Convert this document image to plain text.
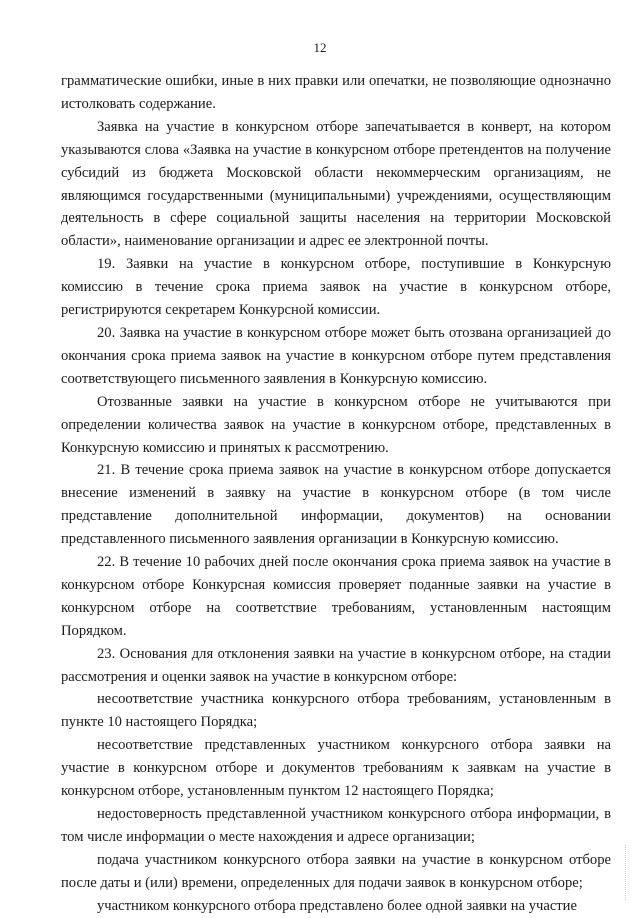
12

грамматические ошибки, иные в них правки или опечатки, не позволяющие однозначно истолковать содержание.

Заявка на участие в конкурсном отборе запечатывается в конверт, на котором указываются слова «Заявка на участие в конкурсном отборе претендентов на получение субсидий из бюджета Московской области некоммерческим организациям, не являющимся государственными (муниципальными) учреждениями, осуществляющим деятельность в сфере социальной защиты населения на территории Московской области», наименование организации и адрес ее электронной почты.

19. Заявки на участие в конкурсном отборе, поступившие в Конкурсную комиссию в течение срока приема заявок на участие в конкурсном отборе, регистрируются секретарем Конкурсной комиссии.

20. Заявка на участие в конкурсном отборе может быть отозвана организацией до окончания срока приема заявок на участие в конкурсном отборе путем представления соответствующего письменного заявления в Конкурсную комиссию.

Отозванные заявки на участие в конкурсном отборе не учитываются при определении количества заявок на участие в конкурсном отборе, представленных в Конкурсную комиссию и принятых к рассмотрению.

21. В течение срока приема заявок на участие в конкурсном отборе допускается внесение изменений в заявку на участие в конкурсном отборе (в том числе представление дополнительной информации, документов) на основании представленного письменного заявления организации в Конкурсную комиссию.

22. В течение 10 рабочих дней после окончания срока приема заявок на участие в конкурсном отборе Конкурсная комиссия проверяет поданные заявки на участие в конкурсном отборе на соответствие требованиям, установленным настоящим Порядком.

23. Основания для отклонения заявки на участие в конкурсном отборе, на стадии рассмотрения и оценки заявок на участие в конкурсном отборе:

несоответствие участника конкурсного отбора требованиям, установленным в пункте 10 настоящего Порядка;

несоответствие представленных участником конкурсного отбора заявки на участие в конкурсном отборе и документов требованиям к заявкам на участие в конкурсном отборе, установленным пунктом 12 настоящего Порядка;

недостоверность представленной участником конкурсного отбора информации, в том числе информации о месте нахождения и адресе организации;

подача участником конкурсного отбора заявки на участие в конкурсном отборе после даты и (или) времени, определенных для подачи заявок в конкурсном отборе;

участником конкурсного отбора представлено более одной заявки на участие
